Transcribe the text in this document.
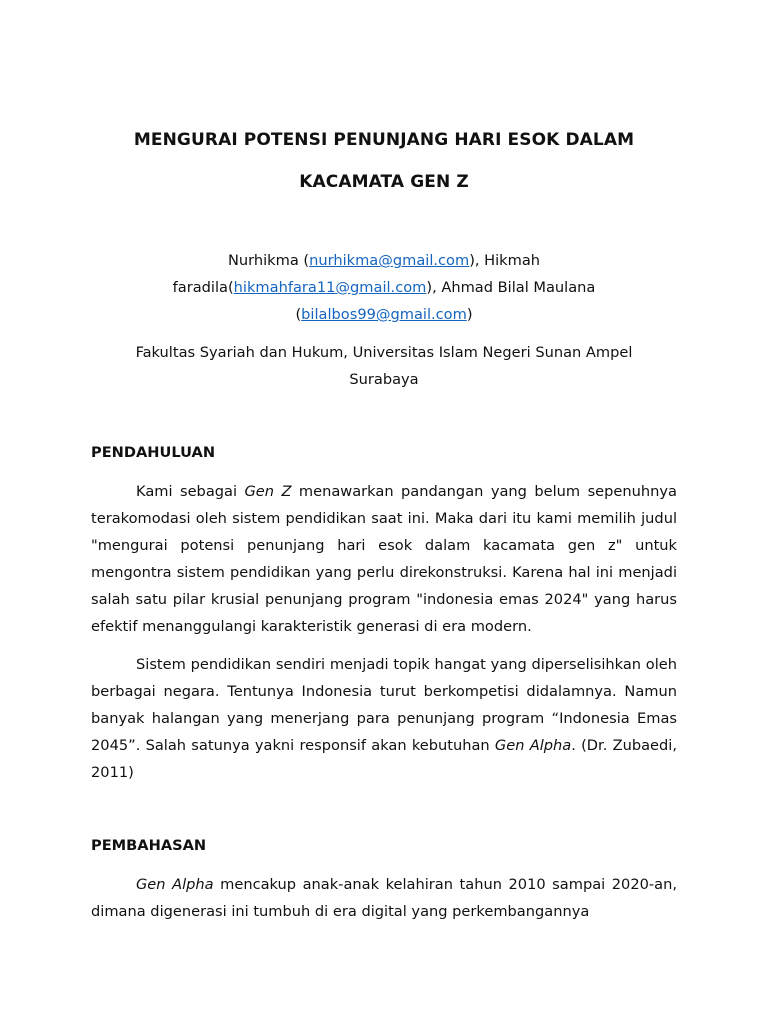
MENGURAI POTENSI PENUNJANG HARI ESOK DALAM
KACAMATA GEN Z
Nurhikma (nurhikma@gmail.com), Hikmah faradila(hikmahfara11@gmail.com), Ahmad Bilal Maulana (bilalbos99@gmail.com)
Fakultas Syariah dan Hukum, Universitas Islam Negeri Sunan Ampel Surabaya
PENDAHULUAN
Kami sebagai Gen Z menawarkan pandangan yang belum sepenuhnya terakomodasi oleh sistem pendidikan saat ini. Maka dari itu kami memilih judul "mengurai potensi penunjang hari esok dalam kacamata gen z" untuk mengontra sistem pendidikan yang perlu direkonstruksi. Karena hal ini menjadi salah satu pilar krusial penunjang program "indonesia emas 2024" yang harus efektif menanggulangi karakteristik generasi di era modern.
Sistem pendidikan sendiri menjadi topik hangat yang diperselisihkan oleh berbagai negara. Tentunya Indonesia turut berkompetisi didalamnya. Namun banyak halangan yang menerjang para penunjang program “Indonesia Emas 2045”. Salah satunya yakni responsif akan kebutuhan Gen Alpha. (Dr. Zubaedi, 2011)
PEMBAHASAN
Gen Alpha mencakup anak-anak kelahiran tahun 2010 sampai 2020-an, dimana digenerasi ini tumbuh di era digital yang perkembangannya
